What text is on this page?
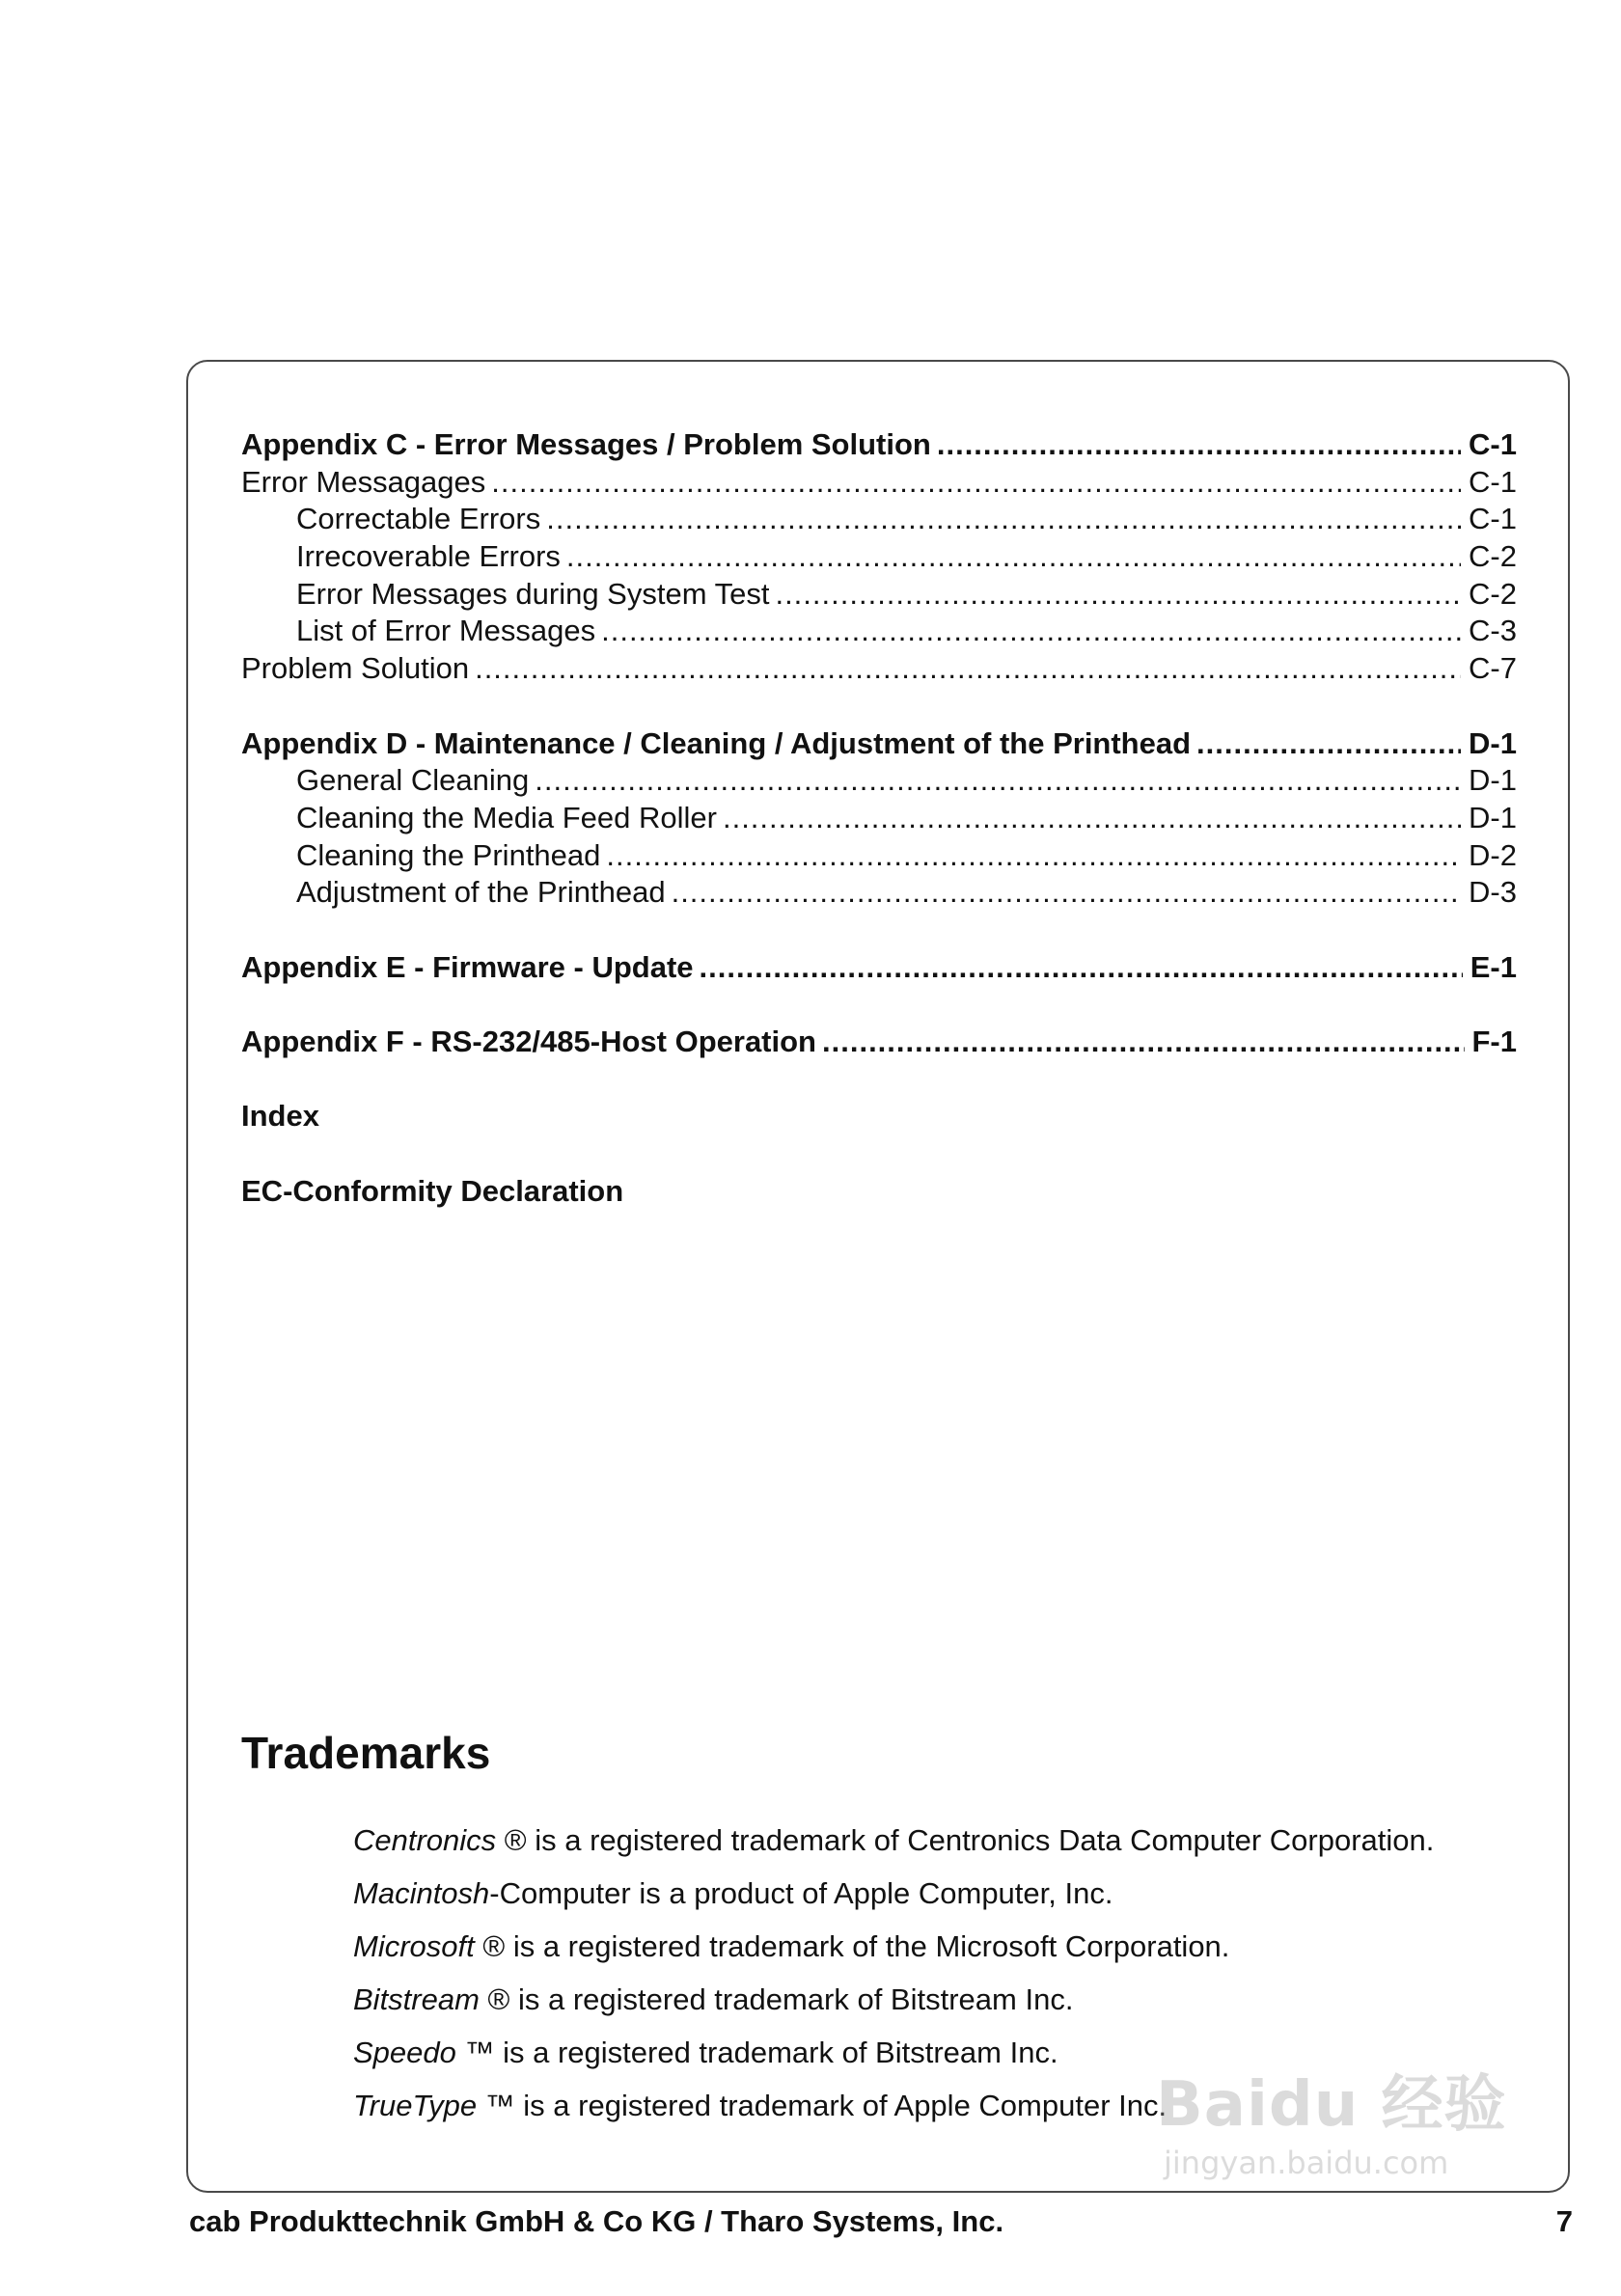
Appendix C - Error Messages / Problem Solution .....	C-1
Error Messagages .....	C-1
Correctable Errors .....	C-1
Irrecoverable Errors .....	C-2
Error Messages during System Test .....	C-2
List of Error Messages .....	C-3
Problem Solution .....	C-7
Appendix D - Maintenance / Cleaning / Adjustment of the Printhead .....	D-1
General Cleaning .....	D-1
Cleaning the Media Feed Roller .....	D-1
Cleaning the Printhead .....	D-2
Adjustment of the Printhead .....	D-3
Appendix E - Firmware - Update .....	E-1
Appendix F - RS-232/485-Host Operation .....	F-1
Index
EC-Conformity Declaration
Trademarks
Centronics ® is a registered trademark of Centronics Data Computer Corporation.
Macintosh-Computer is a product of Apple Computer, Inc.
Microsoft ® is a registered trademark of the Microsoft Corporation.
Bitstream ® is a registered trademark of Bitstream Inc.
Speedo ™ is a registered trademark of Bitstream Inc.
TrueType ™ is a registered trademark of Apple Computer Inc.
Baidu 经验
jingyan.baidu.com
cab Produkttechnik GmbH & Co KG / Tharo Systems, Inc.	7
